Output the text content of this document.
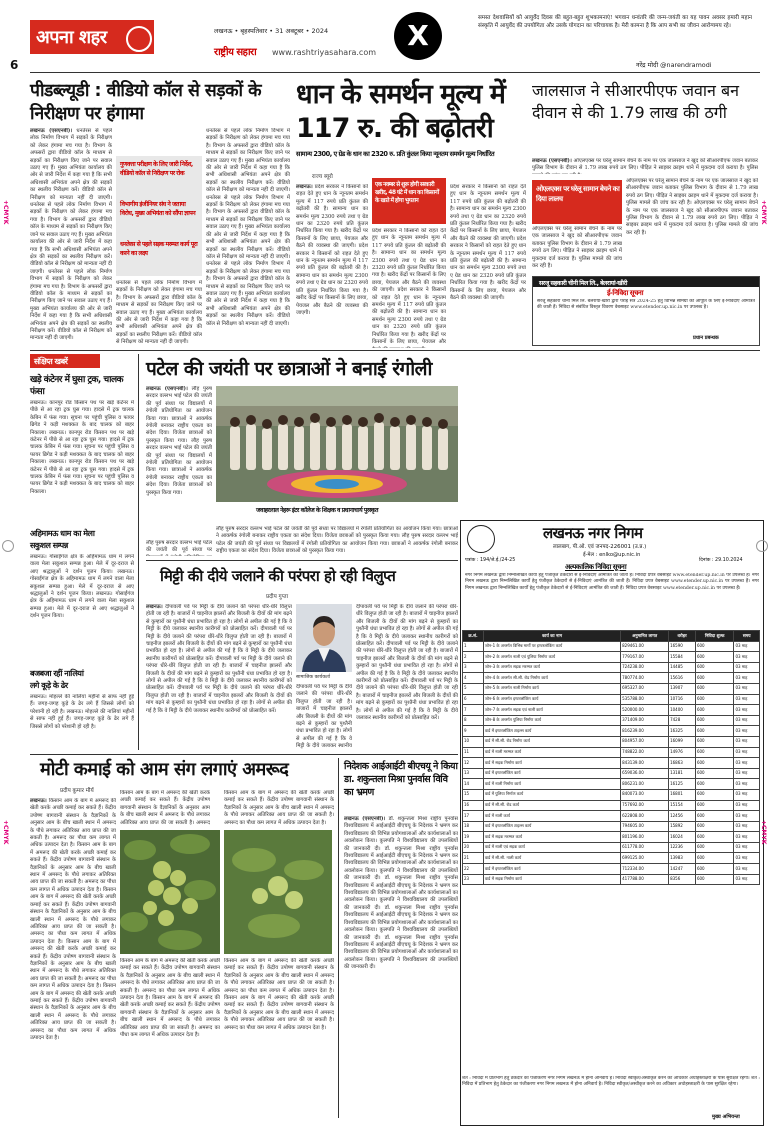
अपना शहर
6
लखनऊ • बृहस्पतिवार • 31 अक्टूबर • 2024
राष्ट्रीय सहारा www.rashtriyasahara.com
X
समस्त देशवासियों को आयुर्वेद दिवस की बहुत-बहुत शुभकामनाएं! भगवान धन्वंतरि की जन्म-जयंती का यह पावन अवसर हमारी महान संस्कृति में आयुर्वेद की उपयोगिता और उसके योगदान का परिचायक है। मेरी कामना है कि आप सभी का जीवन आरोग्यमय रहे।
नरेंद्र मोदी @narendramodi
पीडब्ल्यूडी : वीडियो कॉल से सड़कों के निरीक्षण पर हंगामा
लखनऊ (एसएनबी)। धनतेरस से पहले लोक निर्माण विभाग में सड़कों के निरीक्षण को लेकर हंगामा मच गया है। विभाग के अफसरों द्वारा वीडियो कॉल के माध्यम से सड़कों का निरीक्षण किए जाने पर सवाल उठाए गए हैं। मुख्य अभियंता कार्यालय की ओर से जारी निर्देश में कहा गया है कि सभी अधिशासी अभियंता अपने क्षेत्र की सड़कों का स्थलीय निरीक्षण करें। वीडियो कॉल से निरीक्षण को मान्यता नहीं दी जाएगी। धनतेरस से पहले लोक निर्माण विभाग में सड़कों के निरीक्षण को लेकर हंगामा मच गया है। विभाग के अफसरों द्वारा वीडियो कॉल के माध्यम से सड़कों का निरीक्षण किए जाने पर सवाल उठाए गए हैं। मुख्य अभियंता कार्यालय की ओर से जारी निर्देश में कहा गया है कि सभी अधिशासी अभियंता अपने क्षेत्र की सड़कों का स्थलीय निरीक्षण करें। वीडियो कॉल से निरीक्षण को मान्यता नहीं दी जाएगी। धनतेरस से पहले लोक निर्माण विभाग में सड़कों के निरीक्षण को लेकर हंगामा मच गया है। विभाग के अफसरों द्वारा वीडियो कॉल के माध्यम से सड़कों का निरीक्षण किए जाने पर सवाल उठाए गए हैं। मुख्य अभियंता कार्यालय की ओर से जारी निर्देश में कहा गया है कि सभी अधिशासी अभियंता अपने क्षेत्र की सड़कों का स्थलीय निरीक्षण करें। वीडियो कॉल से निरीक्षण को मान्यता नहीं दी जाएगी।
गुणवत्ता परीक्षण के लिए जारी निर्देश, वीडियो कॉल से निरीक्षण पर रोक
विभागीय इंजीनियर संघ ने जताया विरोध, मुख्य अभियंता को सौंपा ज्ञापन
धनतेरस से पहले सड़क मरम्मत कार्य पूरा करने का लक्ष्य
धनतेरस से पहले लोक निर्माण विभाग में सड़कों के निरीक्षण को लेकर हंगामा मच गया है। विभाग के अफसरों द्वारा वीडियो कॉल के माध्यम से सड़कों का निरीक्षण किए जाने पर सवाल उठाए गए हैं। मुख्य अभियंता कार्यालय की ओर से जारी निर्देश में कहा गया है कि सभी अधिशासी अभियंता अपने क्षेत्र की सड़कों का स्थलीय निरीक्षण करें। वीडियो कॉल से निरीक्षण को मान्यता नहीं दी जाएगी।
धनतेरस से पहले लोक निर्माण विभाग में सड़कों के निरीक्षण को लेकर हंगामा मच गया है। विभाग के अफसरों द्वारा वीडियो कॉल के माध्यम से सड़कों का निरीक्षण किए जाने पर सवाल उठाए गए हैं। मुख्य अभियंता कार्यालय की ओर से जारी निर्देश में कहा गया है कि सभी अधिशासी अभियंता अपने क्षेत्र की सड़कों का स्थलीय निरीक्षण करें। वीडियो कॉल से निरीक्षण को मान्यता नहीं दी जाएगी। धनतेरस से पहले लोक निर्माण विभाग में सड़कों के निरीक्षण को लेकर हंगामा मच गया है। विभाग के अफसरों द्वारा वीडियो कॉल के माध्यम से सड़कों का निरीक्षण किए जाने पर सवाल उठाए गए हैं। मुख्य अभियंता कार्यालय की ओर से जारी निर्देश में कहा गया है कि सभी अधिशासी अभियंता अपने क्षेत्र की सड़कों का स्थलीय निरीक्षण करें। वीडियो कॉल से निरीक्षण को मान्यता नहीं दी जाएगी। धनतेरस से पहले लोक निर्माण विभाग में सड़कों के निरीक्षण को लेकर हंगामा मच गया है। विभाग के अफसरों द्वारा वीडियो कॉल के माध्यम से सड़कों का निरीक्षण किए जाने पर सवाल उठाए गए हैं। मुख्य अभियंता कार्यालय की ओर से जारी निर्देश में कहा गया है कि सभी अधिशासी अभियंता अपने क्षेत्र की सड़कों का स्थलीय निरीक्षण करें। वीडियो कॉल से निरीक्षण को मान्यता नहीं दी जाएगी।
धान के समर्थन मूल्य में 117 रु. की बढ़ोतरी
सामान्य 2300, ए ग्रेड के धान का 2320 रु. प्रति कुंतल किया न्यूनतम समर्थन मूल्य निर्धारित
राज्य ब्यूरो
लखनऊ। प्रदेश सरकार ने किसानों को राहत देते हुए धान के न्यूनतम समर्थन मूल्य में 117 रुपये प्रति कुंतल की बढ़ोतरी की है। सामान्य धान का समर्थन मूल्य 2300 रुपये तथा ए ग्रेड धान का 2320 रुपये प्रति कुंतल निर्धारित किया गया है। खरीद केंद्रों पर किसानों के लिए छाया, पेयजल और बैठने की व्यवस्था की जाएगी। प्रदेश सरकार ने किसानों को राहत देते हुए धान के न्यूनतम समर्थन मूल्य में 117 रुपये प्रति कुंतल की बढ़ोतरी की है। सामान्य धान का समर्थन मूल्य 2300 रुपये तथा ए ग्रेड धान का 2320 रुपये प्रति कुंतल निर्धारित किया गया है। खरीद केंद्रों पर किसानों के लिए छाया, पेयजल और बैठने की व्यवस्था की जाएगी।
एक नवम्बर से शुरू होगी सरकारी खरीद, 48 घंटे में धान का किसानों के खाते में होगा भुगतान
प्रदेश सरकार ने किसानों को राहत देते हुए धान के न्यूनतम समर्थन मूल्य में 117 रुपये प्रति कुंतल की बढ़ोतरी की है। सामान्य धान का समर्थन मूल्य 2300 रुपये तथा ए ग्रेड धान का 2320 रुपये प्रति कुंतल निर्धारित किया गया है। खरीद केंद्रों पर किसानों के लिए छाया, पेयजल और बैठने की व्यवस्था की जाएगी। प्रदेश सरकार ने किसानों को राहत देते हुए धान के न्यूनतम समर्थन मूल्य में 117 रुपये प्रति कुंतल की बढ़ोतरी की है। सामान्य धान का समर्थन मूल्य 2300 रुपये तथा ए ग्रेड धान का 2320 रुपये प्रति कुंतल निर्धारित किया गया है। खरीद केंद्रों पर किसानों के लिए छाया, पेयजल और
प्रदेश सरकार ने किसानों को राहत देते हुए धान के न्यूनतम समर्थन मूल्य में 117 रुपये प्रति कुंतल की बढ़ोतरी की है। सामान्य धान का समर्थन मूल्य 2300 रुपये तथा ए ग्रेड धान का 2320 रुपये प्रति कुंतल निर्धारित किया गया है। खरीद केंद्रों पर किसानों के लिए छाया, पेयजल और बैठने की व्यवस्था की जाएगी। प्रदेश सरकार ने किसानों को राहत देते हुए धान के न्यूनतम समर्थन मूल्य में 117 रुपये प्रति कुंतल की बढ़ोतरी की है। सामान्य धान का समर्थन मूल्य 2300 रुपये तथा ए ग्रेड धान का 2320 रुपये प्रति कुंतल निर्धारित किया गया है। खरीद केंद्रों पर किसानों के लिए छाया, पेयजल और बैठने की व्यवस्था की जाएगी।
जालसाज ने सीआरपीएफ जवान बन दीवान से की 1.79 लाख की ठगी
लखनऊ (एसएनबी)। ओएलएक्स पर घरेलू सामान बेचने के नाम पर एक जालसाज ने खुद को सीआरपीएफ जवान बताकर पुलिस विभाग के दीवान से 1.79 लाख रुपये ठग लिए। पीड़ित ने साइबर क्राइम थाने में मुकदमा दर्ज कराया है। पुलिस
ओएलएक्स पर घरेलू सामान बेचने का दिया लालच
ओएलएक्स पर घरेलू सामान बेचने के नाम पर एक जालसाज ने खुद को सीआरपीएफ जवान बताकर पुलिस विभाग के दीवान से 1.79 लाख रुपये ठग लिए। पीड़ित ने साइबर क्राइम थाने में मुकदमा दर्ज कराया है। पुलिस मामले की जांच कर रही है।
ओएलएक्स पर घरेलू सामान बेचने के नाम पर एक जालसाज ने खुद को सीआरपीएफ जवान बताकर पुलिस विभाग के दीवान से 1.79 लाख रुपये ठग लिए। पीड़ित ने साइबर क्राइम थाने में मुकदमा दर्ज कराया है। पुलिस मामले की जांच कर रही है। ओएलएक्स पर घरेलू सामान बेचने के नाम पर एक जालसाज ने खुद को सीआरपीएफ जवान बताकर पुलिस विभाग के दीवान से 1.79 लाख रुपये ठग लिए। पीड़ित ने साइबर क्राइम थाने में मुकदमा दर्ज कराया है। पुलिस मामले की जांच कर रही है।
सरजू सहकारी चीनी मिल लि., बेलरायां-खीरी
ई-निविदा सूचना
सरजू सहकारी चीनी मिल लि. बेलरायां-खीरी द्वारा पेराई सत्र 2024-25 हेतु विभिन्न सामग्री की आपूर्ति के लिए ई-निविदाएं आमंत्रित की जाती हैं। निविदा से संबंधित विस्तृत विवरण वेबसाइट www.etender.up.nic.in पर उपलब्ध है।
प्रधान प्रबन्धक
संक्षिप्त खबरें
खड़े कंटेनर में घुसा ट्रक, चालक फंसा
लखनऊ। कानपुर रोड किसान पथ पर खड़े कंटेनर में पीछे से आ रहा ट्रक घुस गया। हादसे में ट्रक चालक केबिन में फंस गया। सूचना पर पहुंची पुलिस व फायर ब्रिगेड ने कड़ी मशक्कत के बाद चालक को बाहर निकाला। लखनऊ। कानपुर रोड किसान पथ पर खड़े कंटेनर में पीछे से आ रहा ट्रक घुस गया। हादसे में ट्रक चालक केबिन में फंस गया। सूचना पर पहुंची पुलिस व फायर ब्रिगेड ने कड़ी मशक्कत के बाद चालक को बाहर निकाला। लखनऊ। कानपुर रोड किसान पथ पर खड़े कंटेनर में पीछे से आ रहा ट्रक घुस गया। हादसे में ट्रक चालक केबिन में फंस गया। सूचना पर पहुंची पुलिस व फायर ब्रिगेड ने कड़ी मशक्कत के बाद चालक को बाहर निकाला।
अहिमामऊ धाम का मेला
सकुशल सम्पन्न
लखनऊ। गोसाईंगंज क्षेत्र के अहिमामऊ धाम में लगने वाला मेला सकुशल सम्पन्न हुआ। मेले में दूर-दराज से आए श्रद्धालुओं ने दर्शन पूजन किया। लखनऊ। गोसाईंगंज क्षेत्र के अहिमामऊ धाम में लगने वाला मेला सकुशल सम्पन्न हुआ। मेले में दूर-दराज से आए श्रद्धालुओं ने दर्शन पूजन किया। लखनऊ। गोसाईंगंज क्षेत्र के अहिमामऊ धाम में लगने वाला मेला सकुशल सम्पन्न हुआ। मेले में दूर-दराज से आए श्रद्धालुओं ने दर्शन पूजन किया।
बजबजा रहीं नालियां
लगे कूड़े के ढेर
लखनऊ। मोहल्ले की नालियां महीनों से साफ नहीं हुई हैं। जगह-जगह कूड़े के ढेर लगे हैं जिससे लोगों को परेशानी हो रही है। लखनऊ। मोहल्ले की नालियां महीनों से साफ नहीं हुई हैं। जगह-जगह कूड़े के ढेर लगे हैं जिससे लोगों को परेशानी हो रही है।
पटेल की जयंती पर छात्राओं ने बनाई रंगोली
लखनऊ (एसएनबी)। लौह पुरुष सरदार वल्लभ भाई पटेल की जयंती की पूर्व संध्या पर विद्यालयों में रंगोली प्रतियोगिता का आयोजन किया गया। छात्राओं ने आकर्षक रंगोली बनाकर राष्ट्रीय एकता का संदेश दिया। विजेता छात्राओं को पुरस्कृत किया गया। लौह पुरुष सरदार वल्लभ भाई पटेल की जयंती की पूर्व संध्या पर विद्यालयों में रंगोली प्रतियोगिता का आयोजन किया गया। छात्राओं ने आकर्षक रंगोली बनाकर राष्ट्रीय एकता का संदेश दिया। विजेता छात्राओं को पुरस्कृत किया गया।
जवाहरलाल नेहरू इंटर कॉलेज के शिक्षक व प्रधानाचार्य पुरस्कृत
लौह पुरुष सरदार वल्लभ भाई पटेल की जयंती की पूर्व संध्या पर विद्यालयों में रंगोली प्रतियोगिता का आयोजन किया गया। छात्राओं ने आकर्षक रंगोली बनाकर राष्ट्रीय एकता का संदेश दिया। विजेता छात्राओं को पुरस्कृत किया गया। लौह पुरुष सरदार वल्लभ भाई पटेल की जयंती की पूर्व संध्या पर विद्यालयों में रंगोली प्रतियोगिता का आयोजन किया गया। छात्राओं ने आकर्षक रंगोली बनाकर राष्ट्रीय एकता का संदेश दिया। विजेता छात्राओं को पुरस्कृत किया गया।
लौह पुरुष सरदार वल्लभ भाई पटेल की जयंती की पूर्व संध्या पर
मिट्टी की दीये जलाने की परंपरा हो रही विलुप्त
प्रदीप गुप्ता
लखनऊ। दीपावली पर्व पर मिट्टी के दीये जलाने की परंपरा धीरे-धीरे विलुप्त होती जा रही है। बाजारों में चाइनीज झालरों और बिजली के दीयों की मांग बढ़ने से कुम्हारों का पुश्तैनी धंधा प्रभावित हो रहा है। लोगों से अपील की गई है कि वे मिट्टी के दीये जलाकर स्थानीय कारीगरों को प्रोत्साहित करें। दीपावली पर्व पर मिट्टी के दीये जलाने की परंपरा धीरे-धीरे विलुप्त होती जा रही है। बाजारों में चाइनीज झालरों और बिजली के दीयों की मांग बढ़ने से कुम्हारों का पुश्तैनी धंधा प्रभावित हो रहा है। लोगों से अपील की गई है कि वे मिट्टी के दीये जलाकर स्थानीय कारीगरों को प्रोत्साहित करें। दीपावली पर्व पर मिट्टी के दीये जलाने की परंपरा धीरे-धीरे विलुप्त होती जा रही है। बाजारों में चाइनीज झालरों और बिजली के दीयों की मांग बढ़ने से कुम्हारों का पुश्तैनी धंधा प्रभावित हो रहा है। लोगों से अपील की गई है कि वे मिट्टी के दीये जलाकर स्थानीय कारीगरों को प्रोत्साहित करें। दीपावली पर्व पर मिट्टी के दीये जलाने की परंपरा धीरे-धीरे विलुप्त होती जा रही है। बाजारों में चाइनीज झालरों और बिजली के दीयों की मांग बढ़ने से कुम्हारों का पुश्तैनी धंधा प्रभावित हो रहा है। लोगों से अपील की गई है कि वे मिट्टी के दीये जलाकर स्थानीय कारीगरों को प्रोत्साहित करें।
सामाजिक कार्यकर्ता
दीपावली पर्व पर मिट्टी के दीये जलाने की परंपरा धीरे-धीरे विलुप्त होती जा रही है। बाजारों में चाइनीज झालरों और बिजली के दीयों की मांग बढ़ने से कुम्हारों का पुश्तैनी धंधा प्रभावित हो रहा है। लोगों से अपील की गई है कि वे मिट्टी के दीये जलाकर स्थानीय
दीपावली पर्व पर मिट्टी के दीये जलाने की परंपरा धीरे-धीरे विलुप्त होती जा रही है। बाजारों में चाइनीज झालरों और बिजली के दीयों की मांग बढ़ने से कुम्हारों का पुश्तैनी धंधा प्रभावित हो रहा है। लोगों से अपील की गई है कि वे मिट्टी के दीये जलाकर स्थानीय कारीगरों को प्रोत्साहित करें। दीपावली पर्व पर मिट्टी के दीये जलाने की परंपरा धीरे-धीरे विलुप्त होती जा रही है। बाजारों में चाइनीज झालरों और बिजली के दीयों की मांग बढ़ने से कुम्हारों का पुश्तैनी धंधा प्रभावित हो रहा है। लोगों से अपील की गई है कि वे मिट्टी के दीये जलाकर स्थानीय कारीगरों को प्रोत्साहित करें। दीपावली पर्व पर मिट्टी के दीये जलाने की परंपरा धीरे-धीरे विलुप्त होती जा रही है। बाजारों में चाइनीज झालरों और बिजली के दीयों की मांग बढ़ने से कुम्हारों का पुश्तैनी धंधा प्रभावित हो रहा है। लोगों से अपील की गई है कि वे मिट्टी के दीये जलाकर स्थानीय कारीगरों को प्रोत्साहित करें।
लखनऊ नगर निगम
लालबाग, पी.ओ. एवं जनपद-226001 (उ.प्र.)
ई-मेल : enlko@up.nic.in
पत्रांक : 194/जे.ई./24-25	दिनांक : 29.10.2024
अल्पकालिक निविदा सूचना
नगर निगम लखनऊ द्वारा निम्नलिखित कार्यों हेतु पंजीकृत ठेकेदारों से ई-निविदाएं आमंत्रित की जाती हैं। निविदा प्रपत्र वेबसाइट www.etender.up.nic.in पर उपलब्ध हैं। नगर निगम लखनऊ द्वारा निम्नलिखित कार्यों हेतु पंजीकृत ठेकेदारों से ई-निविदाएं आमंत्रित की जाती हैं। निविदा प्रपत्र वेबसाइट www.etender.up.nic.in पर उपलब्ध हैं। नगर निगम लखनऊ द्वारा निम्नलिखित कार्यों हेतु पंजीकृत ठेकेदारों से ई-निविदाएं आमंत्रित की जाती हैं। निविदा प्रपत्र वेबसाइट www.etender.up.nic.in पर उपलब्ध हैं।
क्र.सं.	कार्य का नाम	अनुमानित लागत	धरोहर	निविदा शुल्क	समय
1	जोन-1 के अन्तर्गत विभिन्न मार्गों पर इण्टरलॉकिंग कार्य	829461.00	16590	600	03 माह
2	जोन-2 के अन्तर्गत नाली एवं पुलिया निर्माण कार्य	779167.00	15584	600	03 माह
3	जोन-3 के अन्तर्गत सड़क मरम्मत कार्य	724238.00	14485	600	03 माह
4	जोन-4 के अन्तर्गत सी.सी. रोड निर्माण कार्य	780774.00	15616	600	03 माह
5	जोन-5 के अन्तर्गत नाली निर्माण कार्य	695327.00	13907	600	03 माह
6	जोन-6 के अन्तर्गत इण्टरलॉकिंग कार्य	535788.00	10716	600	03 माह
7	जोन-7 के अन्तर्गत सड़क एवं नाली कार्य	520000.00	10400	600	03 माह
8	जोन-8 के अन्तर्गत पुलिया निर्माण कार्य	371409.00	7428	600	03 माह
9	वार्ड में इण्टरलॉकिंग टाइल्स कार्य	816239.00	16325	600	03 माह
10	वार्ड में सी.सी. रोड निर्माण कार्य	804957.00	16099	600	03 माह
11	वार्ड में नाली मरम्मत कार्य	748822.00	14976	600	03 माह
12	वार्ड में सड़क निर्माण कार्य	843139.00	16863	600	03 माह
13	वार्ड में इण्टरलॉकिंग कार्य	659036.00	13181	600	03 माह
14	वार्ड में नाली निर्माण कार्य	806231.00	16125	600	03 माह
15	वार्ड में पुलिया निर्माण कार्य	840073.00	16801	600	03 माह
16	वार्ड में सी.सी. रोड कार्य	757692.00	15154	600	03 माह
17	वार्ड में नाली कार्य	622808.00	12456	600	03 माह
18	वार्ड में इण्टरलॉकिंग टाइल्स कार्य	794605.00	15892	600	03 माह
19	वार्ड में सड़क मरम्मत कार्य	801196.00	16024	600	03 माह
20	वार्ड में नाली एवं सड़क कार्य	611778.00	12236	600	03 माह
21	वार्ड में सी.सी. नाली कार्य	699125.00	13983	600	03 माह
22	वार्ड में इण्टरलॉकिंग कार्य	712334.00	14247	600	03 माह
23	वार्ड में सड़क निर्माण कार्य	417788.00	8356	600	03 माह
शर्तें : निविदा में प्रतिभाग हेतु ठेकेदार का पंजीकरण नगर निगम लखनऊ में होना अनिवार्य है। निविदा स्वीकृत/अस्वीकृत करने का अधिकार अधोहस्ताक्षरी के पास सुरक्षित रहेगा। शर्तें : निविदा में प्रतिभाग हेतु ठेकेदार का पंजीकरण नगर निगम लखनऊ में होना अनिवार्य है। निविदा स्वीकृत/अस्वीकृत करने का अधिकार अधोहस्ताक्षरी के पास सुरक्षित रहेगा।
मुख्य अभियन्ता
मोटी कमाई को आम संग लगाएं अमरूद
प्रदीप कुमार मौर्य
लखनऊ। किसान आम के बाग में अमरूद की खेती करके अच्छी कमाई कर सकते हैं। केंद्रीय उपोष्ण बागवानी संस्थान के वैज्ञानिकों के अनुसार आम के बीच खाली स्थान में अमरूद के पौधे लगाकर अतिरिक्त आय प्राप्त की जा सकती है। अमरूद का पौधा कम लागत में अधिक उत्पादन देता है। किसान आम के बाग में अमरूद की खेती करके अच्छी कमाई कर सकते हैं। केंद्रीय उपोष्ण बागवानी संस्थान के वैज्ञानिकों के अनुसार आम के बीच खाली स्थान में अमरूद के पौधे लगाकर अतिरिक्त आय प्राप्त की जा सकती है। अमरूद का पौधा कम लागत में अधिक उत्पादन देता है। किसान आम के बाग में अमरूद की खेती करके अच्छी कमाई कर सकते हैं। केंद्रीय उपोष्ण बागवानी संस्थान के वैज्ञानिकों के अनुसार आम के बीच खाली स्थान में अमरूद के पौधे लगाकर अतिरिक्त आय प्राप्त की जा सकती है। अमरूद का पौधा कम लागत में अधिक उत्पादन देता है। किसान आम के बाग में अमरूद की खेती करके अच्छी कमाई कर सकते हैं। केंद्रीय उपोष्ण बागवानी संस्थान के वैज्ञानिकों के अनुसार आम के बीच खाली स्थान में अमरूद के पौधे लगाकर अतिरिक्त आय प्राप्त की जा सकती है। अमरूद का पौधा कम लागत में अधिक उत्पादन देता है। किसान आम के बाग में अमरूद की खेती करके अच्छी कमाई कर सकते हैं। केंद्रीय उपोष्ण बागवानी संस्थान के वैज्ञानिकों के अनुसार आम के बीच खाली स्थान में अमरूद के पौधे लगाकर अतिरिक्त आय प्राप्त की जा सकती है। अमरूद का पौधा कम लागत में अधिक उत्पादन देता है।
किसान आम के बाग में अमरूद की खेती करके अच्छी कमाई कर सकते हैं। केंद्रीय उपोष्ण बागवानी संस्थान के वैज्ञानिकों के अनुसार आम के बीच खाली स्थान में अमरूद के पौधे लगाकर अतिरिक्त आय प्राप्त की जा सकती है। अमरूद
किसान आम के बाग में अमरूद की खेती करके अच्छी कमाई कर सकते हैं। केंद्रीय उपोष्ण बागवानी संस्थान के वैज्ञानिकों के अनुसार आम के बीच खाली स्थान में अमरूद के पौधे लगाकर अतिरिक्त आय प्राप्त की जा सकती है। अमरूद का पौधा कम लागत में अधिक उत्पादन देता है। किसान आम के बाग में अमरूद की खेती करके अच्छी कमाई कर सकते हैं। केंद्रीय उपोष्ण बागवानी संस्थान के वैज्ञानिकों के अनुसार आम के बीच खाली स्थान में अमरूद के पौधे लगाकर अतिरिक्त आय प्राप्त की जा सकती है। अमरूद का पौधा कम लागत में अधिक उत्पादन देता है।
किसान आम के बाग में अमरूद की खेती करके अच्छी कमाई कर सकते हैं। केंद्रीय उपोष्ण बागवानी संस्थान के वैज्ञानिकों के अनुसार आम के बीच खाली स्थान में अमरूद के पौधे लगाकर अतिरिक्त आय प्राप्त की जा सकती है। अमरूद का पौधा कम लागत में अधिक उत्पादन देता है।
किसान आम के बाग में अमरूद की खेती करके अच्छी कमाई कर सकते हैं। केंद्रीय उपोष्ण बागवानी संस्थान के वैज्ञानिकों के अनुसार आम के बीच खाली स्थान में अमरूद के पौधे लगाकर अतिरिक्त आय प्राप्त की जा सकती है। अमरूद का पौधा कम लागत में अधिक उत्पादन देता है। किसान आम के बाग में अमरूद की खेती करके अच्छी कमाई कर सकते हैं। केंद्रीय उपोष्ण बागवानी संस्थान के वैज्ञानिकों के अनुसार आम के बीच खाली स्थान में अमरूद के पौधे लगाकर अतिरिक्त आय प्राप्त की जा सकती है। अमरूद का पौधा कम लागत में अधिक उत्पादन देता है।
निदेशक आईआईटी बीएचयू ने किया डा. शकुन्तला मिश्रा पुनर्वास विवि का भ्रमण
लखनऊ (एसएनबी)। डॉ. शकुन्तला मिश्रा राष्ट्रीय पुनर्वास विश्वविद्यालय में आईआईटी बीएचयू के निदेशक ने भ्रमण कर विश्वविद्यालय की विभिन्न प्रयोगशालाओं और कार्यशालाओं का अवलोकन किया। कुलपति ने विश्वविद्यालय की उपलब्धियों की जानकारी दी। डॉ. शकुन्तला मिश्रा राष्ट्रीय पुनर्वास विश्वविद्यालय में आईआईटी बीएचयू के निदेशक ने भ्रमण कर विश्वविद्यालय की विभिन्न प्रयोगशालाओं और कार्यशालाओं का अवलोकन किया। कुलपति ने विश्वविद्यालय की उपलब्धियों की जानकारी दी। डॉ. शकुन्तला मिश्रा राष्ट्रीय पुनर्वास विश्वविद्यालय में आईआईटी बीएचयू के निदेशक ने भ्रमण कर विश्वविद्यालय की विभिन्न प्रयोगशालाओं और कार्यशालाओं का अवलोकन किया। कुलपति ने विश्वविद्यालय की उपलब्धियों की जानकारी दी। डॉ. शकुन्तला मिश्रा राष्ट्रीय पुनर्वास विश्वविद्यालय में आईआईटी बीएचयू के निदेशक ने भ्रमण कर विश्वविद्यालय की विभिन्न प्रयोगशालाओं और कार्यशालाओं का अवलोकन किया। कुलपति ने विश्वविद्यालय की उपलब्धियों की जानकारी दी। डॉ. शकुन्तला मिश्रा राष्ट्रीय पुनर्वास विश्वविद्यालय में आईआईटी बीएचयू के निदेशक ने भ्रमण कर विश्वविद्यालय की विभिन्न प्रयोगशालाओं और कार्यशालाओं का अवलोकन किया। कुलपति ने विश्वविद्यालय की उपलब्धियों की जानकारी दी।
+CMYK	+CMYK
+CMYK	+CMYK
